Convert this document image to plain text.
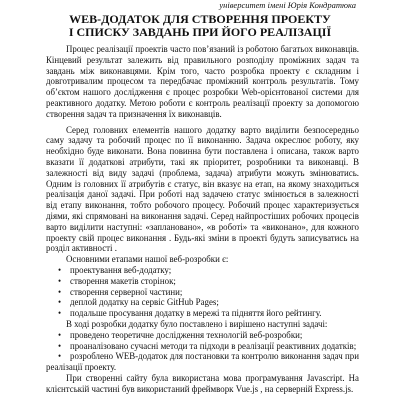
університет імені Юрія Кондратюка
WEB-ДОДАТОК ДЛЯ СТВОРЕННЯ ПРОЕКТУ
І СПИСКУ ЗАВДАНЬ ПРИ ЙОГО РЕАЛІЗАЦІЇ

Процес реалізації проектів часто пов’язаний із роботою багатьох виконавців. Кінцевий результат залежить від правильного розподілу проміжних задач та завдань між виконавцями. Крім того, часто розробка проекту є складним і довготривалим процесом та передбачає проміжний контроль результатів. Тому об’єктом нашого дослідження є процес розробки Web-орієнтованої системи для реактивного додатку. Метою роботи є контроль реалізації проекту за допомогою створення задач та призначення їх виконавців.

Серед головних елементів нашого додатку варто виділити безпосередньо саму задачу та робочий процес по її виконанню. Задача окреслює роботу, яку необхідно буде виконати. Вона повинна бути поставлена і описана, також варто вказати її додаткові атрибути, такі як пріоритет, розробники та виконавці. В залежності від виду задачі (проблема, задача) атрибути можуть змінюватись. Одним із головних її атрибутів є статус, він вказує на етап, на якому знаходиться реалізація даної задачі. При роботі над задачею статус змінюється в залежності від етапу виконання, тобто робочого процесу. Робочий процес характеризується діями, які спрямовані на виконання задачі. Серед найпростіших робочих процесів варто виділити наступні: «заплановано», «в роботі» та «виконано», для кожного проекту свій процес виконання . Будь-які зміни в проекті будуть записуватись на розділ активності .

Основними етапами нашої веб-розробки є:

• проектування веб-додатку;
• створення макетів сторінок;
• створення серверної частини;
• деплой додатку на сервіс GitHub Pages;
• подальше просування додатку в мережі та підняття його рейтингу.

В ході розробки додатку було поставлено і вирішено наступні задачі:

• проведено теоретичне дослідження технологій веб-розробки;
• проаналізовано сучасні методи та підходи в реалізації реактивних додатків;
• розроблено WEB-додаток для постановки та контролю виконання задач при реалізації проекту.

При створенні сайту була використана мова програмування Javascript. На клієнтській частині був використаний фреймворк Vue.js , на серверній Express.js.
